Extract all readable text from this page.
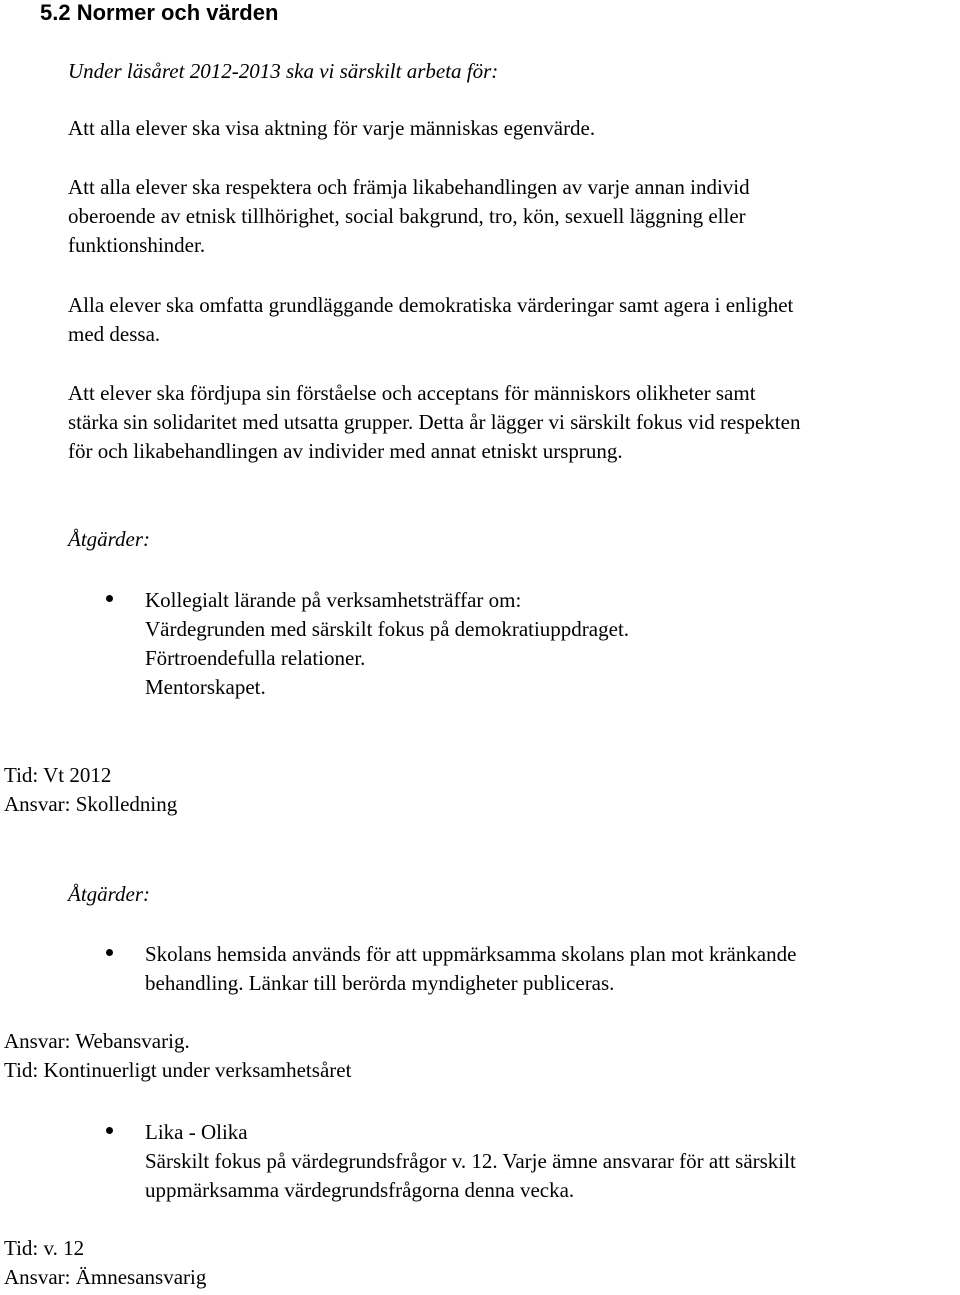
5.2 Normer och värden
Under läsåret 2012-2013 ska vi särskilt arbeta för:
Att alla elever ska visa aktning för varje människas egenvärde.
Att alla elever ska respektera och främja likabehandlingen av varje annan individ
oberoende av etnisk tillhörighet, social bakgrund, tro, kön, sexuell läggning eller
funktionshinder.
Alla elever ska omfatta grundläggande demokratiska värderingar samt agera i enlighet
med dessa.
Att elever ska fördjupa sin förståelse och acceptans för människors olikheter samt
stärka sin solidaritet med utsatta grupper. Detta år lägger vi särskilt fokus vid respekten
för och likabehandlingen av individer med annat etniskt ursprung.
Åtgärder:
Kollegialt lärande på verksamhetsträffar om:
Värdegrunden med särskilt fokus på demokratiuppdraget.
Förtroendefulla relationer.
Mentorskapet.
Tid: Vt 2012
Ansvar: Skolledning
Åtgärder:
Skolans hemsida används för att uppmärksamma skolans plan mot kränkande
behandling. Länkar till berörda myndigheter publiceras.
Ansvar: Webansvarig.
Tid: Kontinuerligt under verksamhetsåret
Lika - Olika
Särskilt fokus på värdegrundsfrågor v. 12. Varje ämne ansvarar för att särskilt
uppmärksamma värdegrundsfrågorna denna vecka.
Tid: v. 12
Ansvar: Ämnesansvarig
